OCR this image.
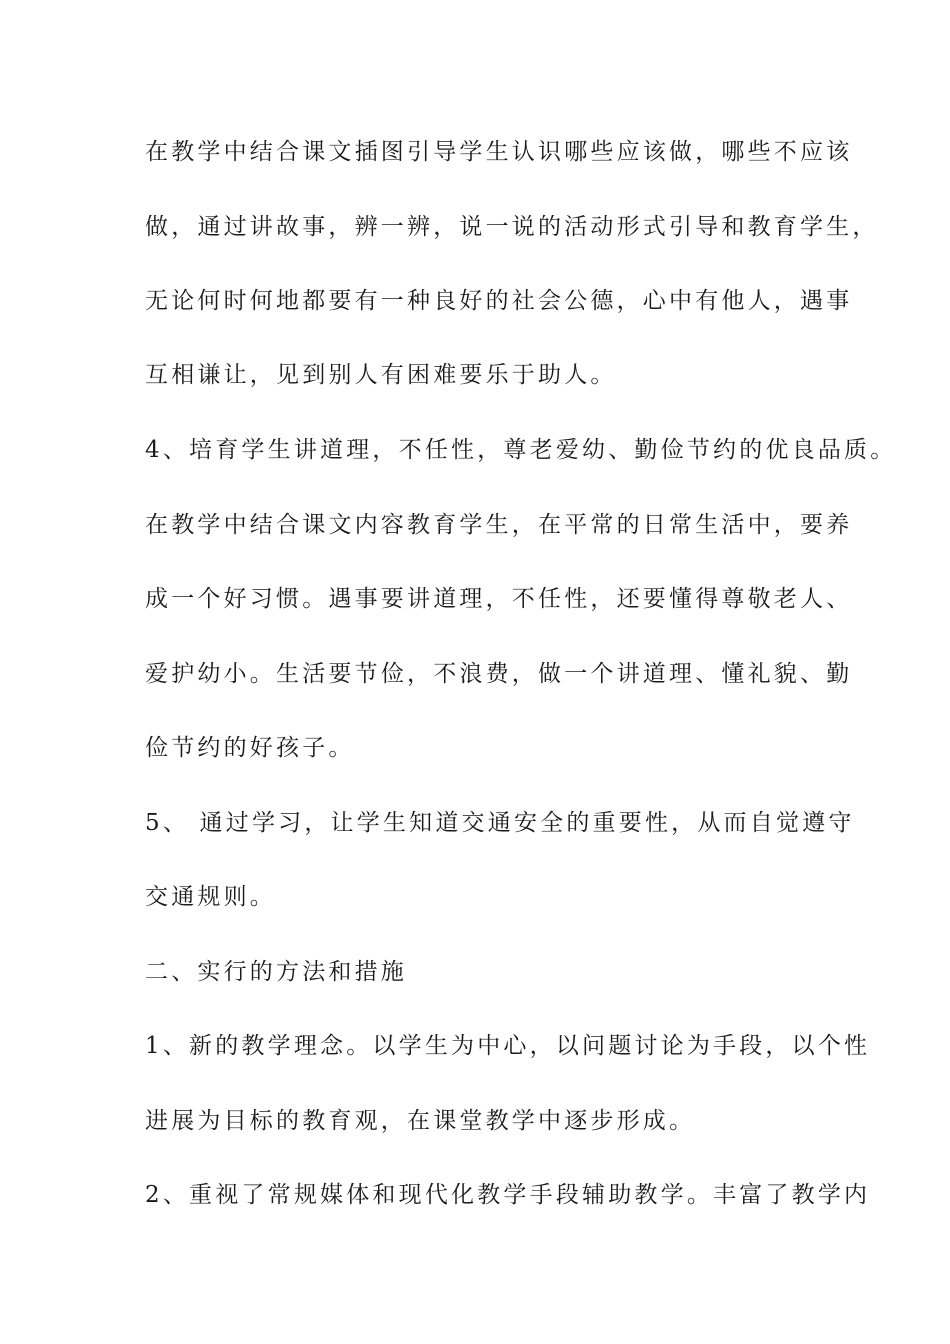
在教学中结合课文插图引导学生认识哪些应该做，哪些不应该
做，通过讲故事，辨一辨，说一说的活动形式引导和教育学生，
无论何时何地都要有一种良好的社会公德，心中有他人，遇事
互相谦让，见到别人有困难要乐于助人。
4、培育学生讲道理，不任性，尊老爱幼、勤俭节约的优良品质。
在教学中结合课文内容教育学生，在平常的日常生活中，要养
成一个好习惯。遇事要讲道理，不任性，还要懂得尊敬老人、
爱护幼小。生活要节俭，不浪费，做一个讲道理、懂礼貌、勤
俭节约的好孩子。
5、 通过学习，让学生知道交通安全的重要性，从而自觉遵守
交通规则。
二、实行的方法和措施
1、新的教学理念。以学生为中心，以问题讨论为手段，以个性
进展为目标的教育观，在课堂教学中逐步形成。
2、重视了常规媒体和现代化教学手段辅助教学。丰富了教学内
